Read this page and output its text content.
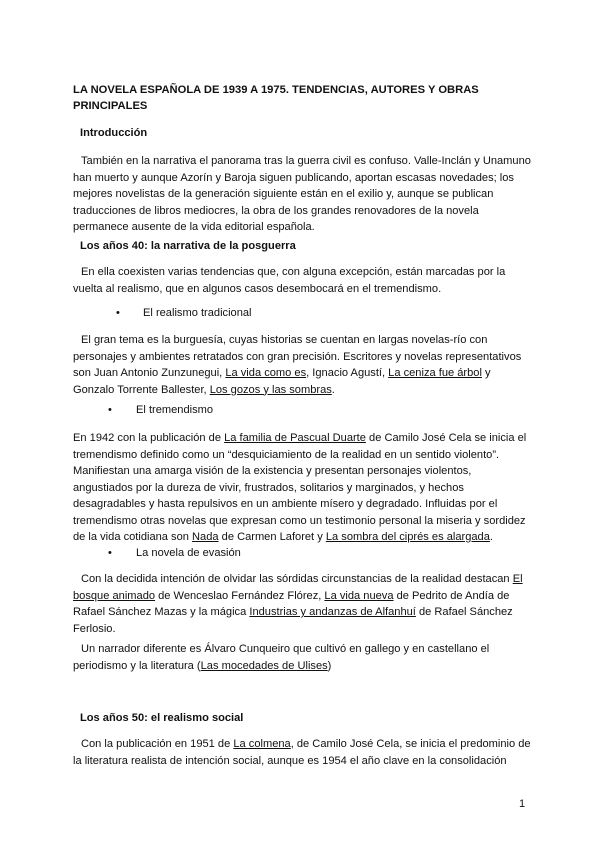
LA NOVELA ESPAÑOLA DE 1939 A 1975. TENDENCIAS, AUTORES Y OBRAS PRINCIPALES
Introducción
También en la narrativa el panorama tras la guerra civil es confuso. Valle-Inclán y Unamuno han muerto y aunque Azorín y Baroja siguen publicando, aportan escasas novedades; los mejores novelistas de la generación siguiente están en el exilio y, aunque se publican traducciones de libros mediocres, la obra de los grandes renovadores de la novela permanece ausente de la vida editorial española.
Los años 40: la narrativa de la posguerra
En ella coexisten varias tendencias que, con alguna excepción, están marcadas por la vuelta al realismo, que en algunos casos desembocará en el tremendismo.
• El realismo tradicional
El gran tema es la burguesía, cuyas historias se cuentan en largas novelas-río con personajes y ambientes retratados con gran precisión. Escritores y novelas representativos son Juan Antonio Zunzunegui, La vida como es, Ignacio Agustí, La ceniza fue árbol y Gonzalo Torrente Ballester, Los gozos y las sombras.
• El tremendismo
En 1942 con la publicación de La familia de Pascual Duarte de Camilo José Cela se inicia el tremendismo definido como un “desquiciamiento de la realidad en un sentido violento”. Manifiestan una amarga visión de la existencia y presentan personajes violentos, angustiados por la dureza de vivir, frustrados, solitarios y marginados, y hechos desagradables y hasta repulsivos en un ambiente mísero y degradado. Influidas por el tremendismo otras novelas que expresan como un testimonio personal la miseria y sordidez de la vida cotidiana son Nada de Carmen Laforet y La sombra del ciprés es alargada.
• La novela de evasión
Con la decidida intención de olvidar las sórdidas circunstancias de la realidad destacan El bosque animado de Wenceslao Fernández Flórez, La vida nueva de Pedrito de Andía de Rafael Sánchez Mazas y la mágica Industrias y andanzas de Alfanhuí de Rafael Sánchez Ferlosio.
Un narrador diferente es Álvaro Cunqueiro que cultivó en gallego y en castellano el periodismo y la literatura (Las mocedades de Ulises)
Los años 50: el realismo social
Con la publicación en 1951 de La colmena, de Camilo José Cela, se inicia el predominio de la literatura realista de intención social, aunque es 1954 el año clave en la consolidación
1
